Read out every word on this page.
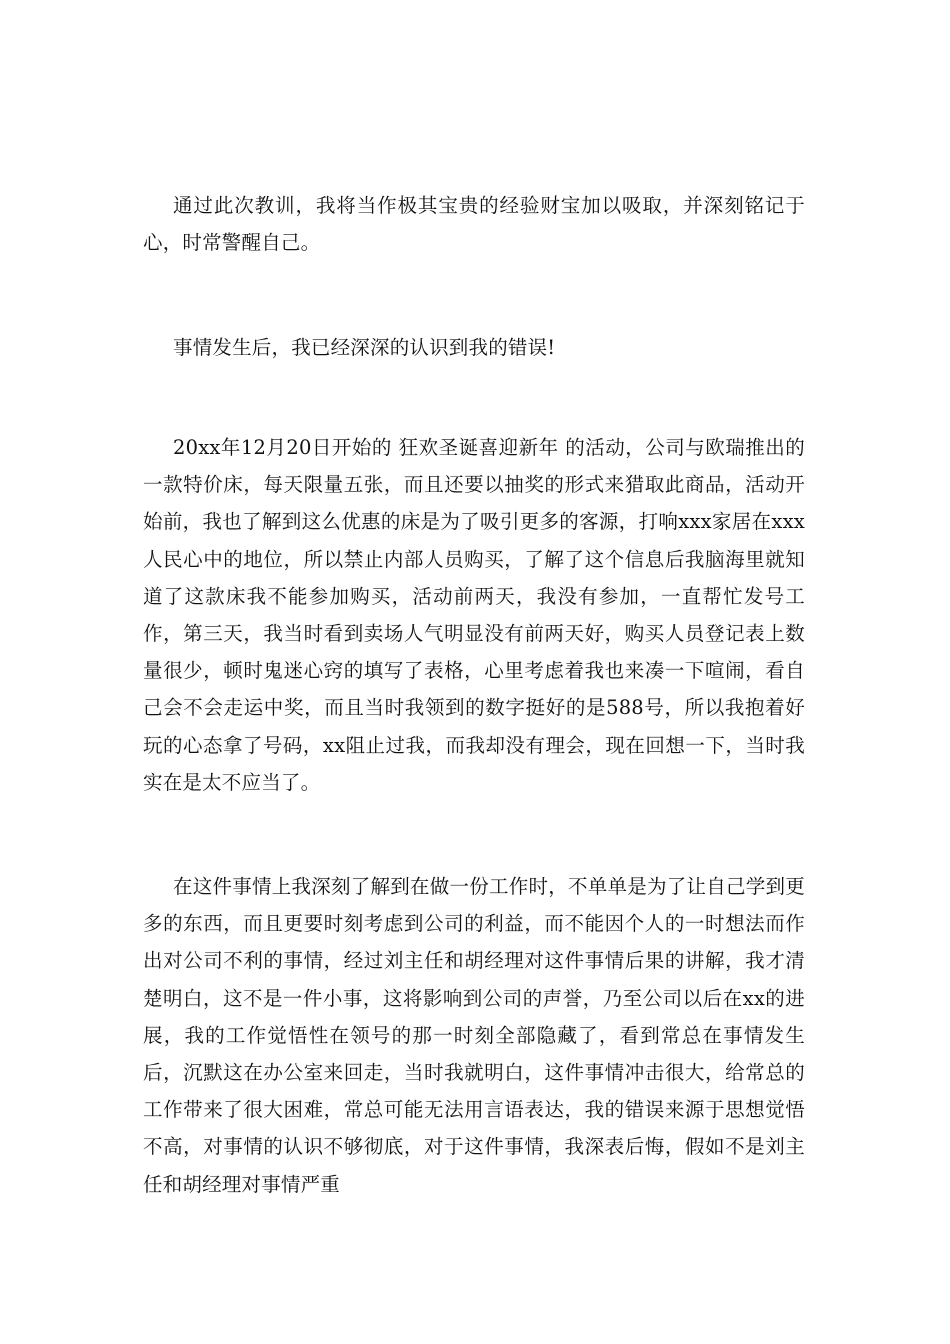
通过此次教训，我将当作极其宝贵的经验财宝加以吸取，并深刻铭记于心，时常警醒自己。

事情发生后，我已经深深的认识到我的错误!

20xx年12月20日开始的 狂欢圣诞喜迎新年 的活动，公司与欧瑞推出的一款特价床，每天限量五张，而且还要以抽奖的形式来猎取此商品，活动开始前，我也了解到这么优惠的床是为了吸引更多的客源，打响xxx家居在xxx人民心中的地位，所以禁止内部人员购买，了解了这个信息后我脑海里就知道了这款床我不能参加购买，活动前两天，我没有参加，一直帮忙发号工作，第三天，我当时看到卖场人气明显没有前两天好，购买人员登记表上数量很少，顿时鬼迷心窍的填写了表格，心里考虑着我也来凑一下喧闹，看自己会不会走运中奖，而且当时我领到的数字挺好的是588号，所以我抱着好玩的心态拿了号码，xx阻止过我，而我却没有理会，现在回想一下，当时我实在是太不应当了。

在这件事情上我深刻了解到在做一份工作时，不单单是为了让自己学到更多的东西，而且更要时刻考虑到公司的利益，而不能因个人的一时想法而作出对公司不利的事情，经过刘主任和胡经理对这件事情后果的讲解，我才清楚明白，这不是一件小事，这将影响到公司的声誉，乃至公司以后在xx的进展，我的工作觉悟性在领号的那一时刻全部隐藏了，看到常总在事情发生后，沉默这在办公室来回走，当时我就明白，这件事情冲击很大，给常总的工作带来了很大困难，常总可能无法用言语表达，我的错误来源于思想觉悟不高，对事情的认识不够彻底，对于这件事情，我深表后悔，假如不是刘主任和胡经理对事情严重
